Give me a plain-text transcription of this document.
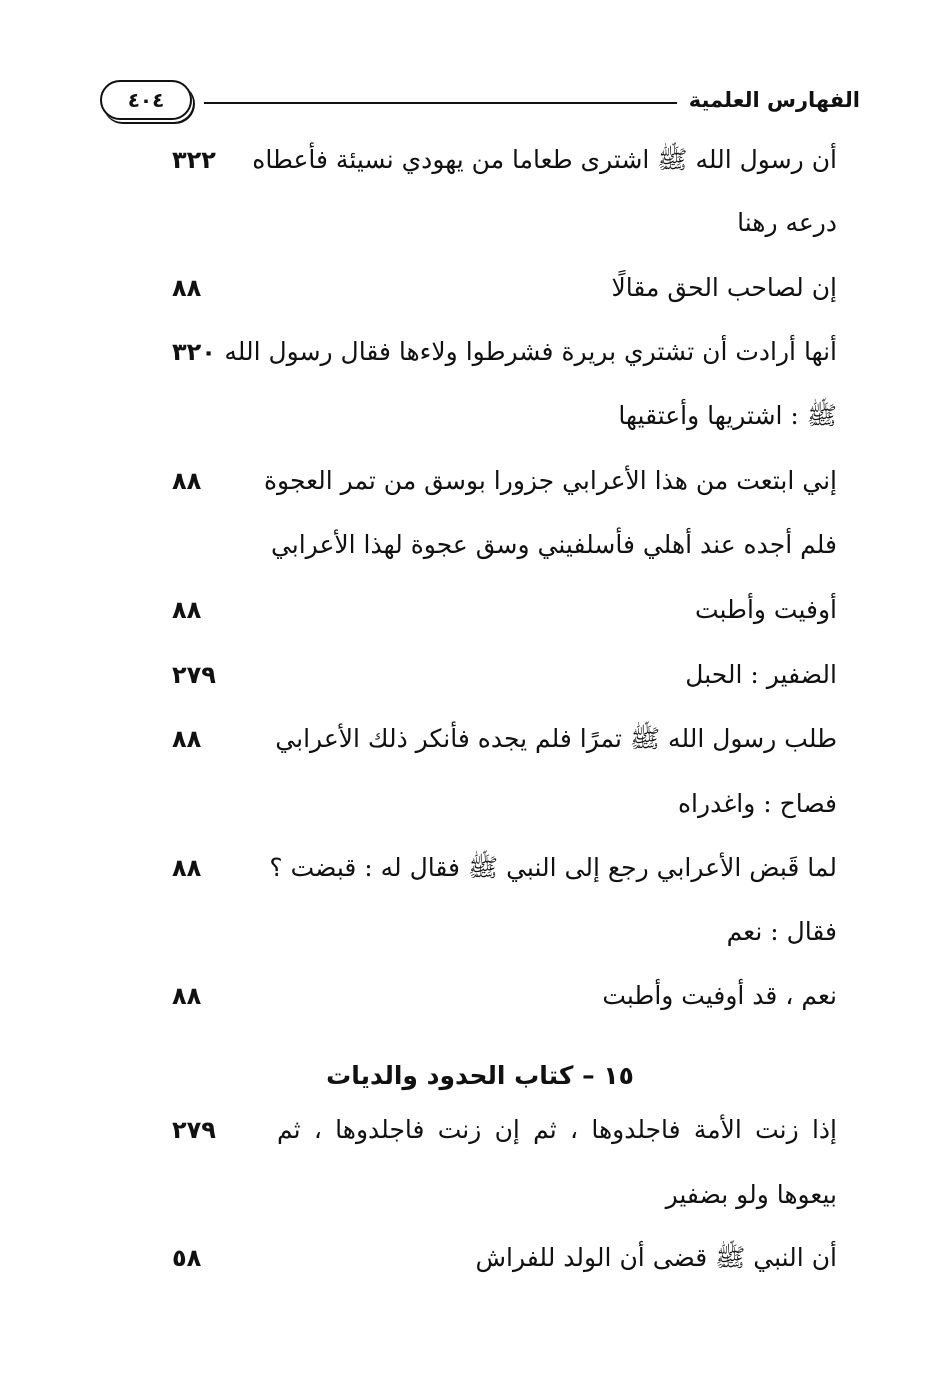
الفهارس العلمية
٤٠٤
أن رسول الله ﷺ اشترى طعاما من يهودي نسيئة فأعطاه
٣٢٢
درعه رهنا
إن لصاحب الحق مقالًا
٨٨
أنها أرادت أن تشتري بريرة فشرطوا ولاءها فقال رسول الله
٣٢٠
ﷺ : اشتريها وأعتقيها
إني ابتعت من هذا الأعرابي جزورا بوسق من تمر العجوة
٨٨
فلم أجده عند أهلي فأسلفيني وسق عجوة لهذا الأعرابي
أوفيت وأطبت
٨٨
الضفير : الحبل
٢٧٩
طلب رسول الله ﷺ تمرًا فلم يجده فأنكر ذلك الأعرابي
٨٨
فصاح : واغدراه
لما قَبض الأعرابي رجع إلى النبي ﷺ فقال له : قبضت ؟
٨٨
فقال : نعم
نعم ، قد أوفيت وأطبت
٨٨
١٥ – كتاب الحدود والديات
إذا زنت الأمة فاجلدوها ، ثم إن زنت فاجلدوها ، ثم
٢٧٩
بيعوها ولو بضفير
أن النبي ﷺ قضى أن الولد للفراش
٥٨
